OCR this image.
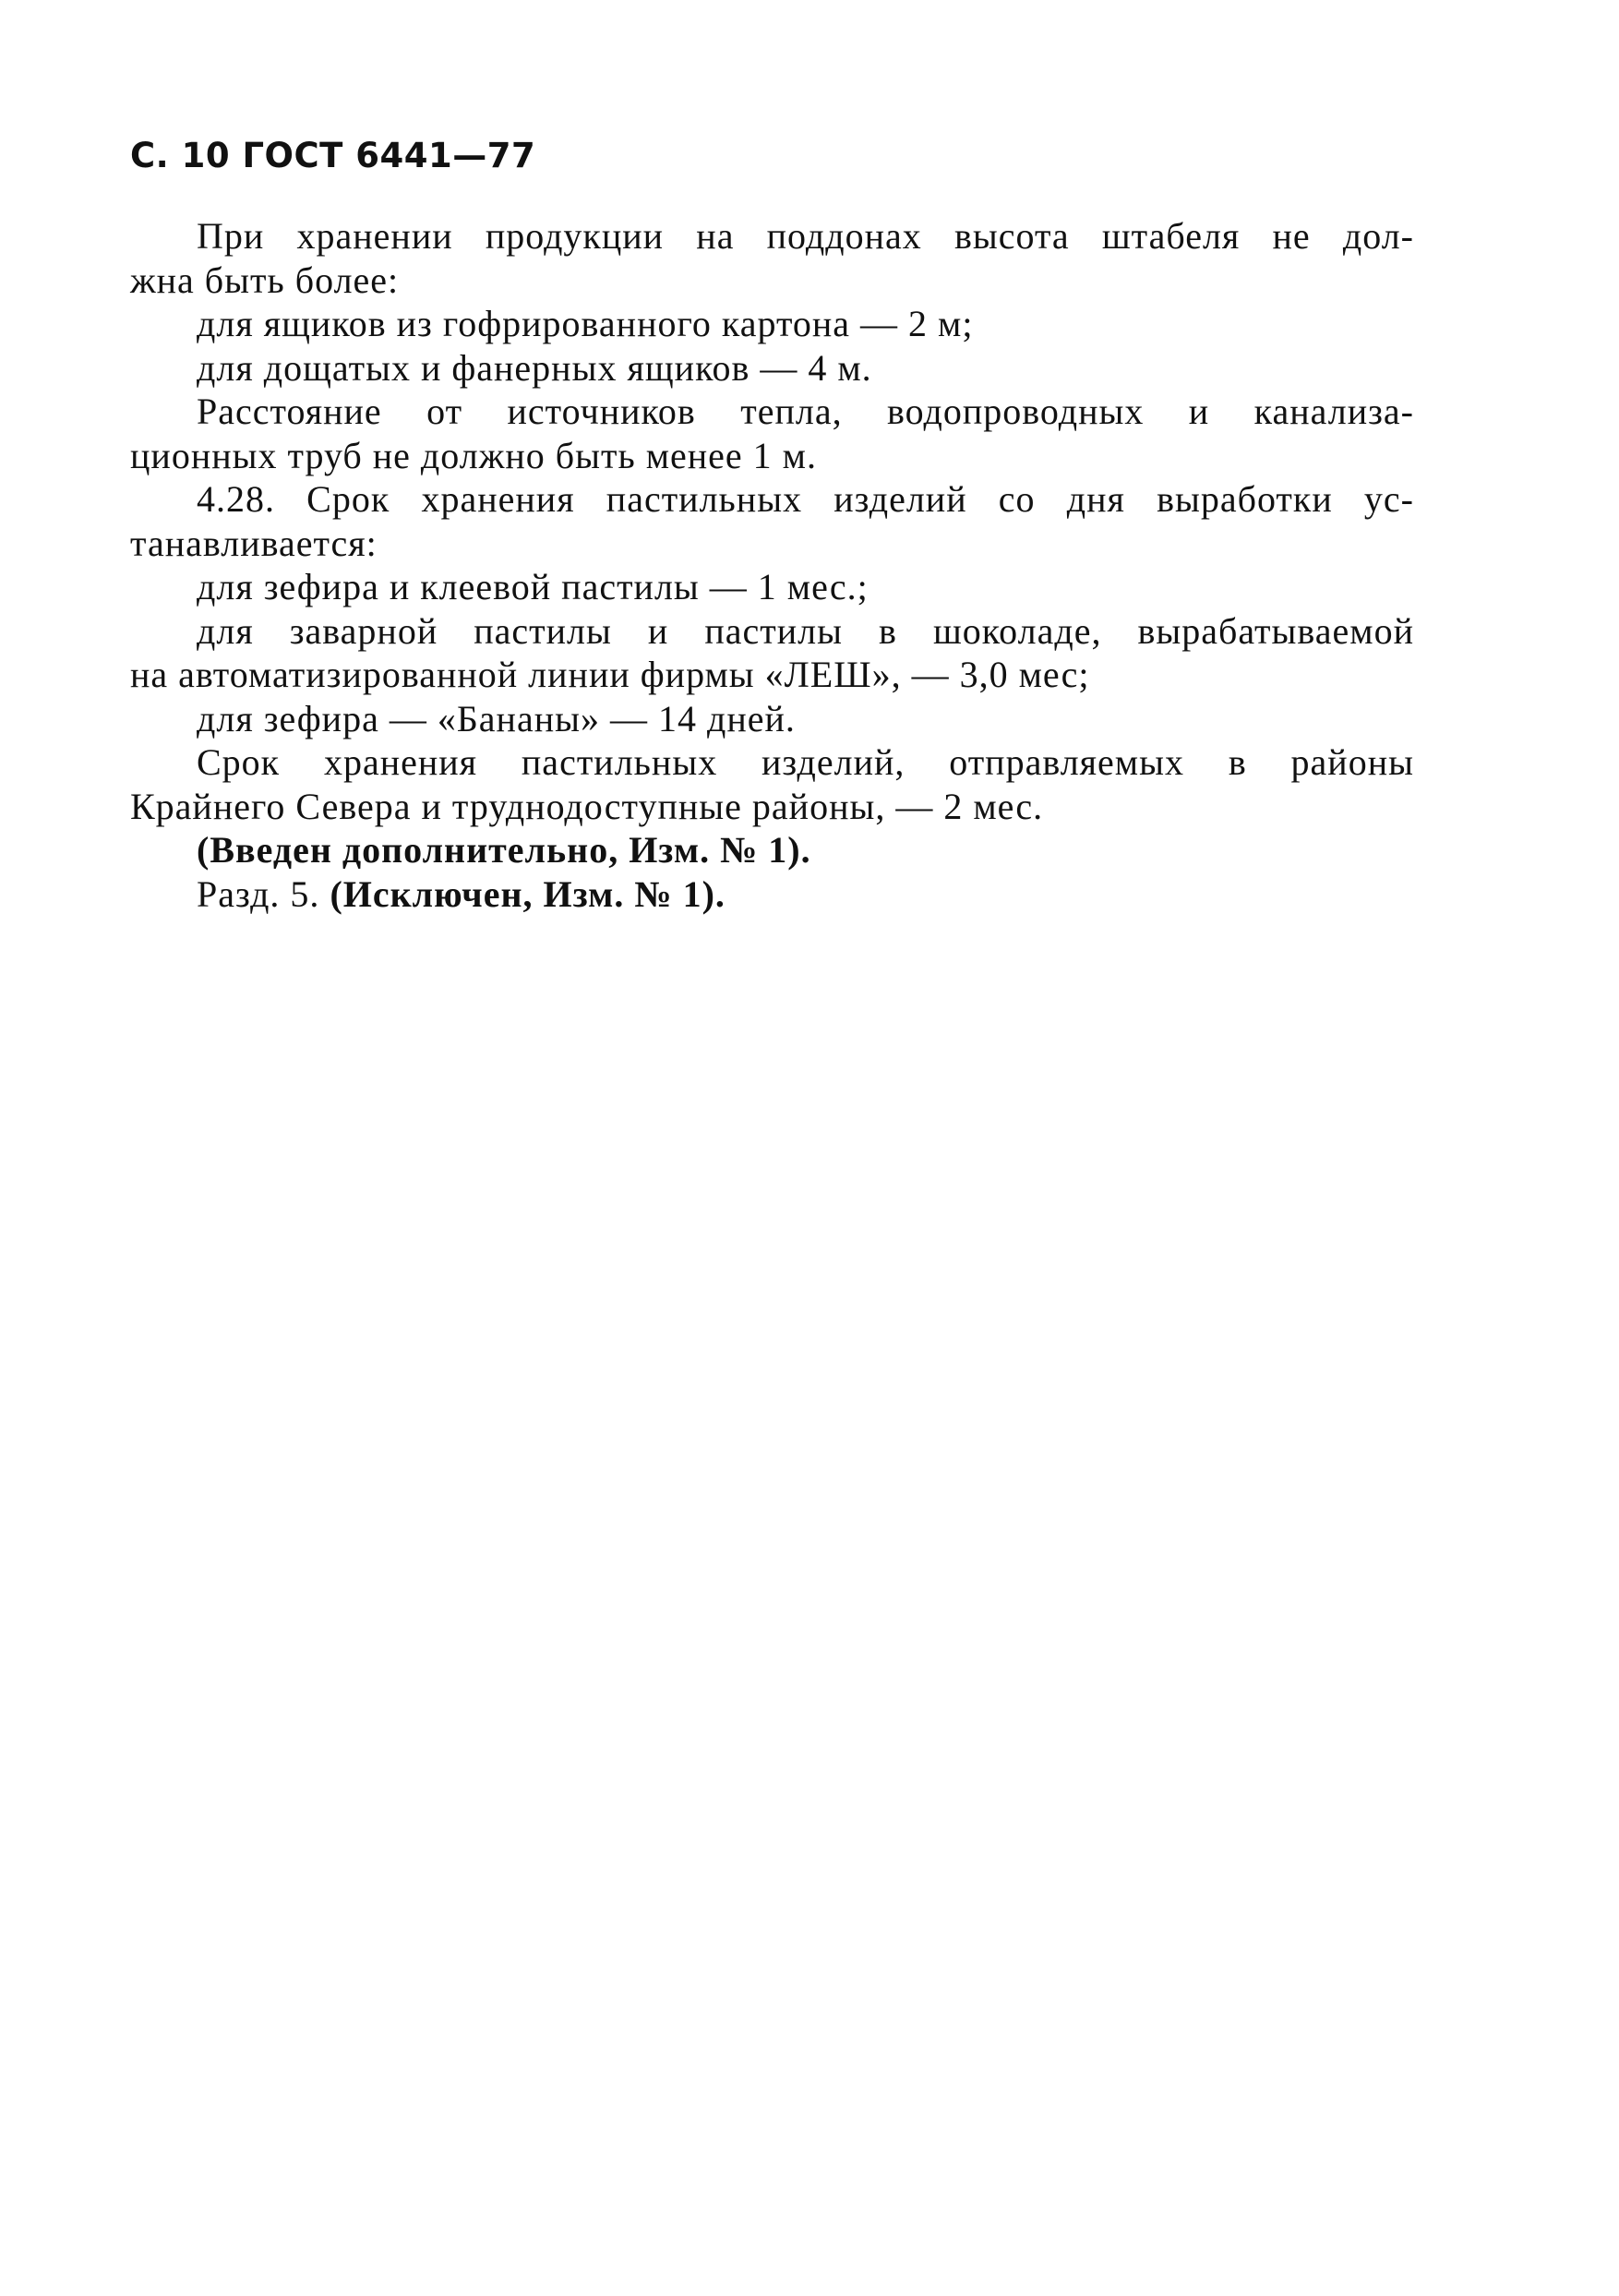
С. 10 ГОСТ 6441—77
При хранении продукции на поддонах высота штабеля не дол-
жна быть более:
для ящиков из гофрированного картона — 2 м;
для дощатых и фанерных ящиков — 4 м.
Расстояние от источников тепла, водопроводных и канализа-
ционных труб не должно быть менее 1 м.
4.28. Срок хранения пастильных изделий со дня выработки ус-
танавливается:
для зефира и клеевой пастилы — 1 мес.;
для заварной пастилы и пастилы в шоколаде, вырабатываемой
на автоматизированной линии фирмы «ЛЕШ», — 3,0 мес;
для зефира — «Бананы» — 14 дней.
Срок хранения пастильных изделий, отправляемых в районы
Крайнего Севера и труднодоступные районы, — 2 мес.
(Введен дополнительно, Изм. № 1).
Разд. 5. (Исключен, Изм. № 1).
